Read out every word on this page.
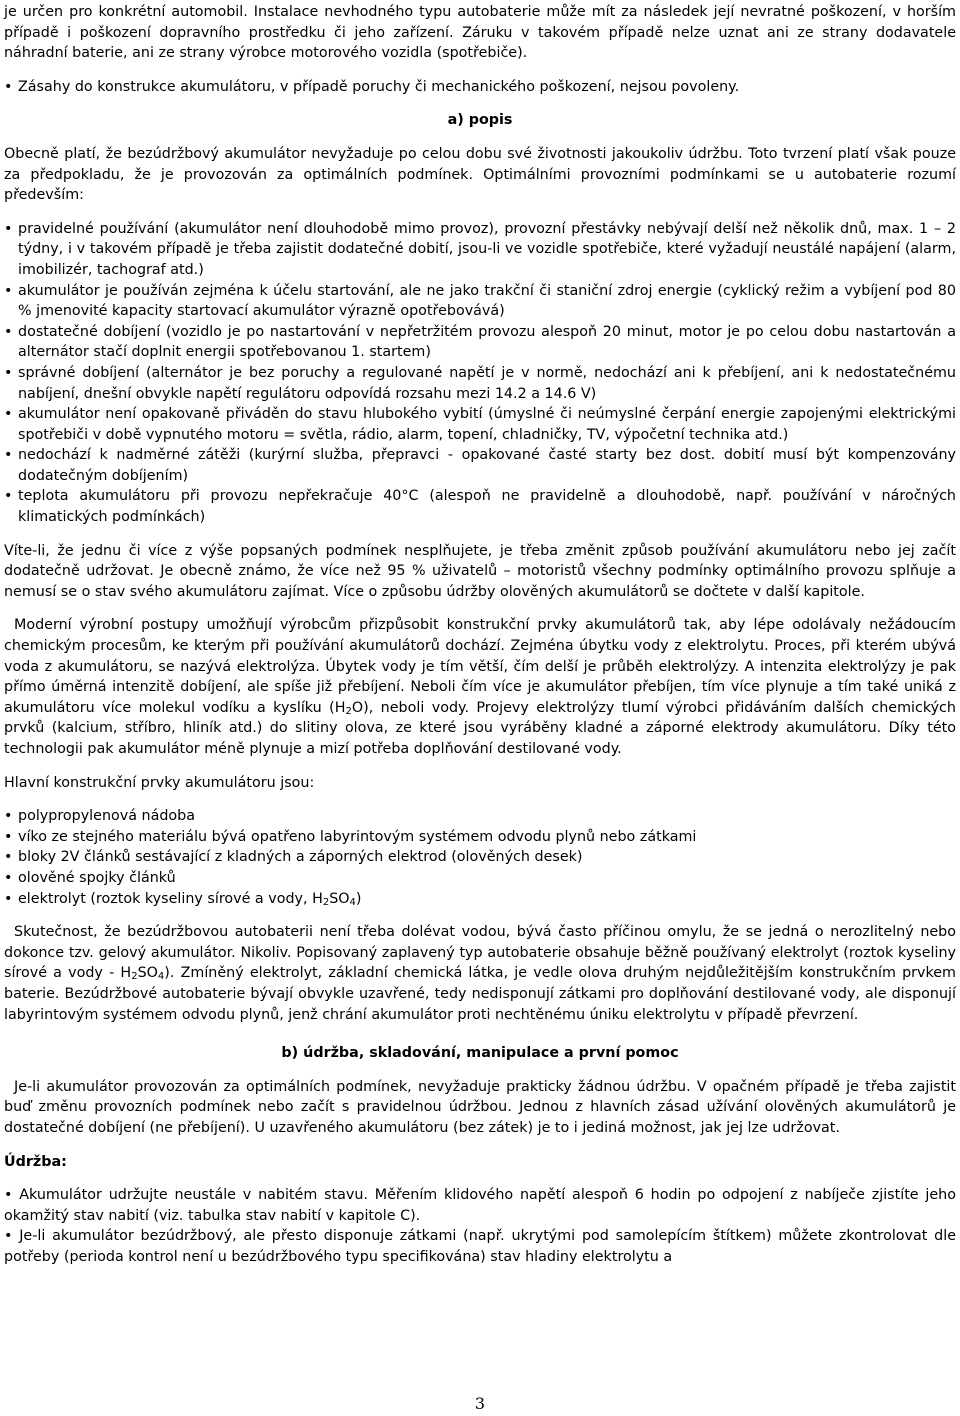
je určen pro konkrétní automobil. Instalace nevhodného typu autobaterie může mít za následek její nevratné poškození, v horším případě i poškození dopravního prostředku či jeho zařízení. Záruku v takovém případě nelze uznat ani ze strany dodavatele náhradní baterie, ani ze strany výrobce motorového vozidla (spotřebiče).

• Zásahy do konstrukce akumulátoru, v případě poruchy či mechanického poškození, nejsou povoleny.

a) popis

Obecně platí, že bezúdržbový akumulátor nevyžaduje po celou dobu své životnosti jakoukoliv údržbu. Toto tvrzení platí však pouze za předpokladu, že je provozován za optimálních podmínek. Optimálními provozními podmínkami se u autobaterie rozumí především:

• pravidelné používání (akumulátor není dlouhodobě mimo provoz), provozní přestávky nebývají delší než několik dnů, max. 1 – 2 týdny, i v takovém případě je třeba zajistit dodatečné dobití, jsou-li ve vozidle spotřebiče, které vyžadují neustálé napájení (alarm, imobilizér, tachograf atd.)

• akumulátor je používán zejména k účelu startování, ale ne jako trakční či staniční zdroj energie (cyklický režim a vybíjení pod 80 % jmenovité kapacity startovací akumulátor výrazně opotřebovává)

• dostatečné dobíjení (vozidlo je po nastartování v nepřetržitém provozu alespoň 20 minut, motor je po celou dobu nastartován a alternátor stačí doplnit energii spotřebovanou 1. startem)

• správné dobíjení (alternátor je bez poruchy a regulované napětí je v normě, nedochází ani k přebíjení, ani k nedostatečnému nabíjení, dnešní obvykle napětí regulátoru odpovídá rozsahu mezi 14.2 a 14.6 V)

• akumulátor není opakovaně přiváděn do stavu hlubokého vybití (úmyslné či neúmyslné čerpání energie zapojenými elektrickými spotřebiči v době vypnutého motoru = světla, rádio, alarm, topení, chladničky, TV, výpočetní technika atd.)

• nedochází k nadměrné zátěži (kurýrní služba, přepravci - opakované časté starty bez dost. dobití musí být kompenzovány dodatečným dobíjením)

• teplota akumulátoru při provozu nepřekračuje 40°C (alespoň ne pravidelně a dlouhodobě, např. používání v náročných klimatických podmínkách)

Víte-li, že jednu či více z výše popsaných podmínek nesplňujete, je třeba změnit způsob používání akumulátoru nebo jej začít dodatečně udržovat. Je obecně známo, že více než 95 % uživatelů – motoristů všechny podmínky optimálního provozu splňuje a nemusí se o stav svého akumulátoru zajímat. Více o způsobu údržby olověných akumulátorů se dočtete v další kapitole.

Moderní výrobní postupy umožňují výrobcům přizpůsobit konstrukční prvky akumulátorů tak, aby lépe odolávaly nežádoucím chemickým procesům, ke kterým při používání akumulátorů dochází. Zejména úbytku vody z elektrolytu. Proces, při kterém ubývá voda z akumulátoru, se nazývá elektrolýza. Úbytek vody je tím větší, čím delší je průběh elektrolýzy. A intenzita elektrolýzy je pak přímo úměrná intenzitě dobíjení, ale spíše již přebíjení. Neboli čím více je akumulátor přebíjen, tím více plynuje a tím také uniká z akumulátoru více molekul vodíku a kyslíku $(H_2O)$, neboli vody. Projevy elektrolýzy tlumí výrobci přidáváním dalších chemických prvků (kalcium, stříbro, hliník atd.) do slitiny olova, ze které jsou vyráběny kladné a záporné elektrody akumulátoru. Díky této technologii pak akumulátor méně plynuje a mizí potřeba doplňování destilované vody.

Hlavní konstrukční prvky akumulátoru jsou:

• polypropylenová nádoba

• víko ze stejného materiálu bývá opatřeno labyrintovým systémem odvodu plynů nebo zátkami

• bloky 2V článků sestávající z kladných a záporných elektrod (olověných desek)

• olověné spojky článků

• elektrolyt (roztok kyseliny sírové a vody, $H_2SO_4$)

Skutečnost, že bezúdržbovou autobaterii není třeba dolévat vodou, bývá často příčinou omylu, že se jedná o nerozlitelný nebo dokonce tzv. gelový akumulátor. Nikoliv. Popisovaný zaplavený typ autobaterie obsahuje běžně používaný elektrolyt (roztok kyseliny sírové a vody - $H_2SO_4$). Zmíněný elektrolyt, základní chemická látka, je vedle olova druhým nejdůležitějším konstrukčním prvkem baterie. Bezúdržbové autobaterie bývají obvykle uzavřené, tedy nedisponují zátkami pro doplňování destilované vody, ale disponují labyrintovým systémem odvodu plynů, jenž chrání akumulátor proti nechtěnému úniku elektrolytu v případě převrzení.

b) údržba, skladování, manipulace a první pomoc

Je-li akumulátor provozován za optimálních podmínek, nevyžaduje prakticky žádnou údržbu. V opačném případě je třeba zajistit buď změnu provozních podmínek nebo začít s pravidelnou údržbou. Jednou z hlavních zásad užívání olověných akumulátorů je dostatečné dobíjení (ne přebíjení). U uzavřeného akumulátoru (bez zátek) je to i jediná možnost, jak jej lze udržovat.

Údržba:

• Akumulátor udržujte neustále v nabitém stavu. Měřením klidového napětí alespoň 6 hodin po odpojení z nabíječe zjistíte jeho okamžitý stav nabití (viz. tabulka stav nabití v kapitole C).

• Je-li akumulátor bezúdržbový, ale přesto disponuje zátkami (např. ukrytými pod samolepícím štítkem) můžete zkontrolovat dle potřeby (perioda kontrol není u bezúdržbového typu specifikována) stav hladiny elektrolytu a

3
